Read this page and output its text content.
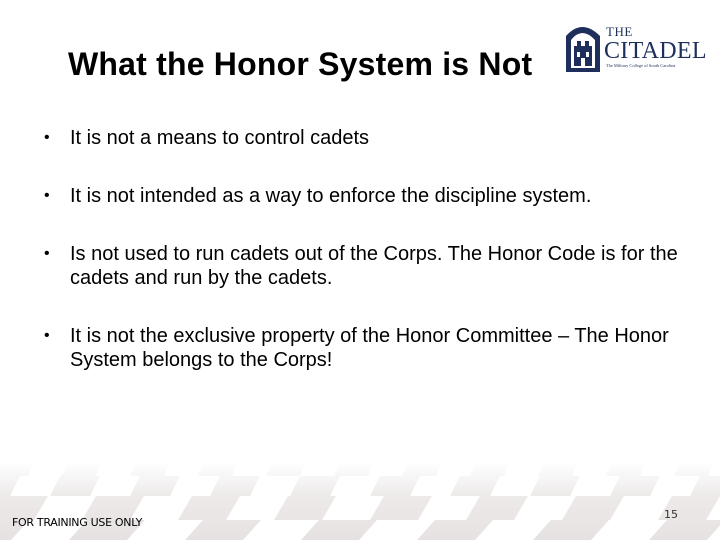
What the Honor System is Not
THE
CITADEL
The Military College of South Carolina
• It is not a means to control cadets
• It is not intended as a way to enforce the discipline system.
• Is not used to run cadets out of the Corps. The Honor Code is for the cadets and run by the cadets.
• It is not the exclusive property of the Honor Committee – The Honor System belongs to the Corps!
FOR TRAINING USE ONLY
15
